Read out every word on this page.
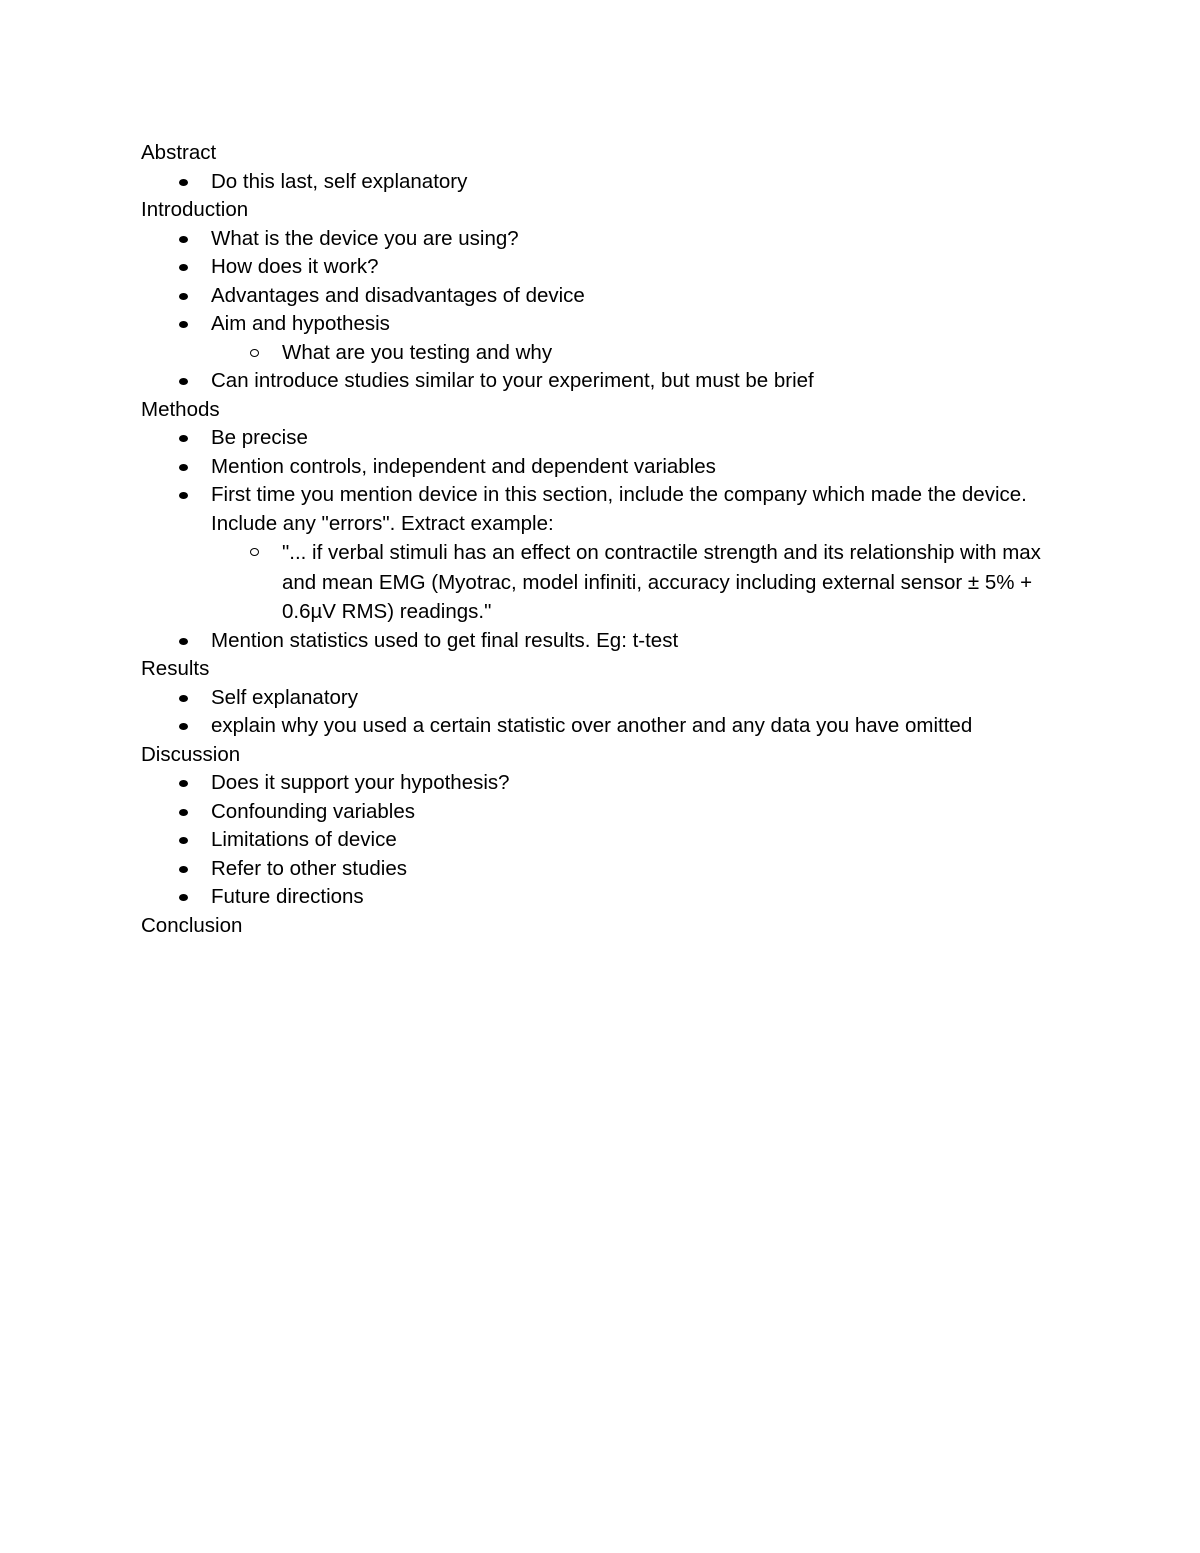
Abstract
Do this last, self explanatory
Introduction
What is the device you are using?
How does it work?
Advantages and disadvantages of device
Aim and hypothesis
What are you testing and why
Can introduce studies similar to your experiment, but must be brief
Methods
Be precise
Mention controls, independent and dependent variables
First time you mention device in this section, include the company which made the device. Include any "errors". Extract example:
"... if verbal stimuli has an effect on contractile strength and its relationship with max and mean EMG (Myotrac, model infiniti, accuracy including external sensor ± 5% + 0.6µV RMS) readings."
Mention statistics used to get final results. Eg: t-test
Results
Self explanatory
explain why you used a certain statistic over another and any data you have omitted
Discussion
Does it support your hypothesis?
Confounding variables
Limitations of device
Refer to other studies
Future directions
Conclusion
